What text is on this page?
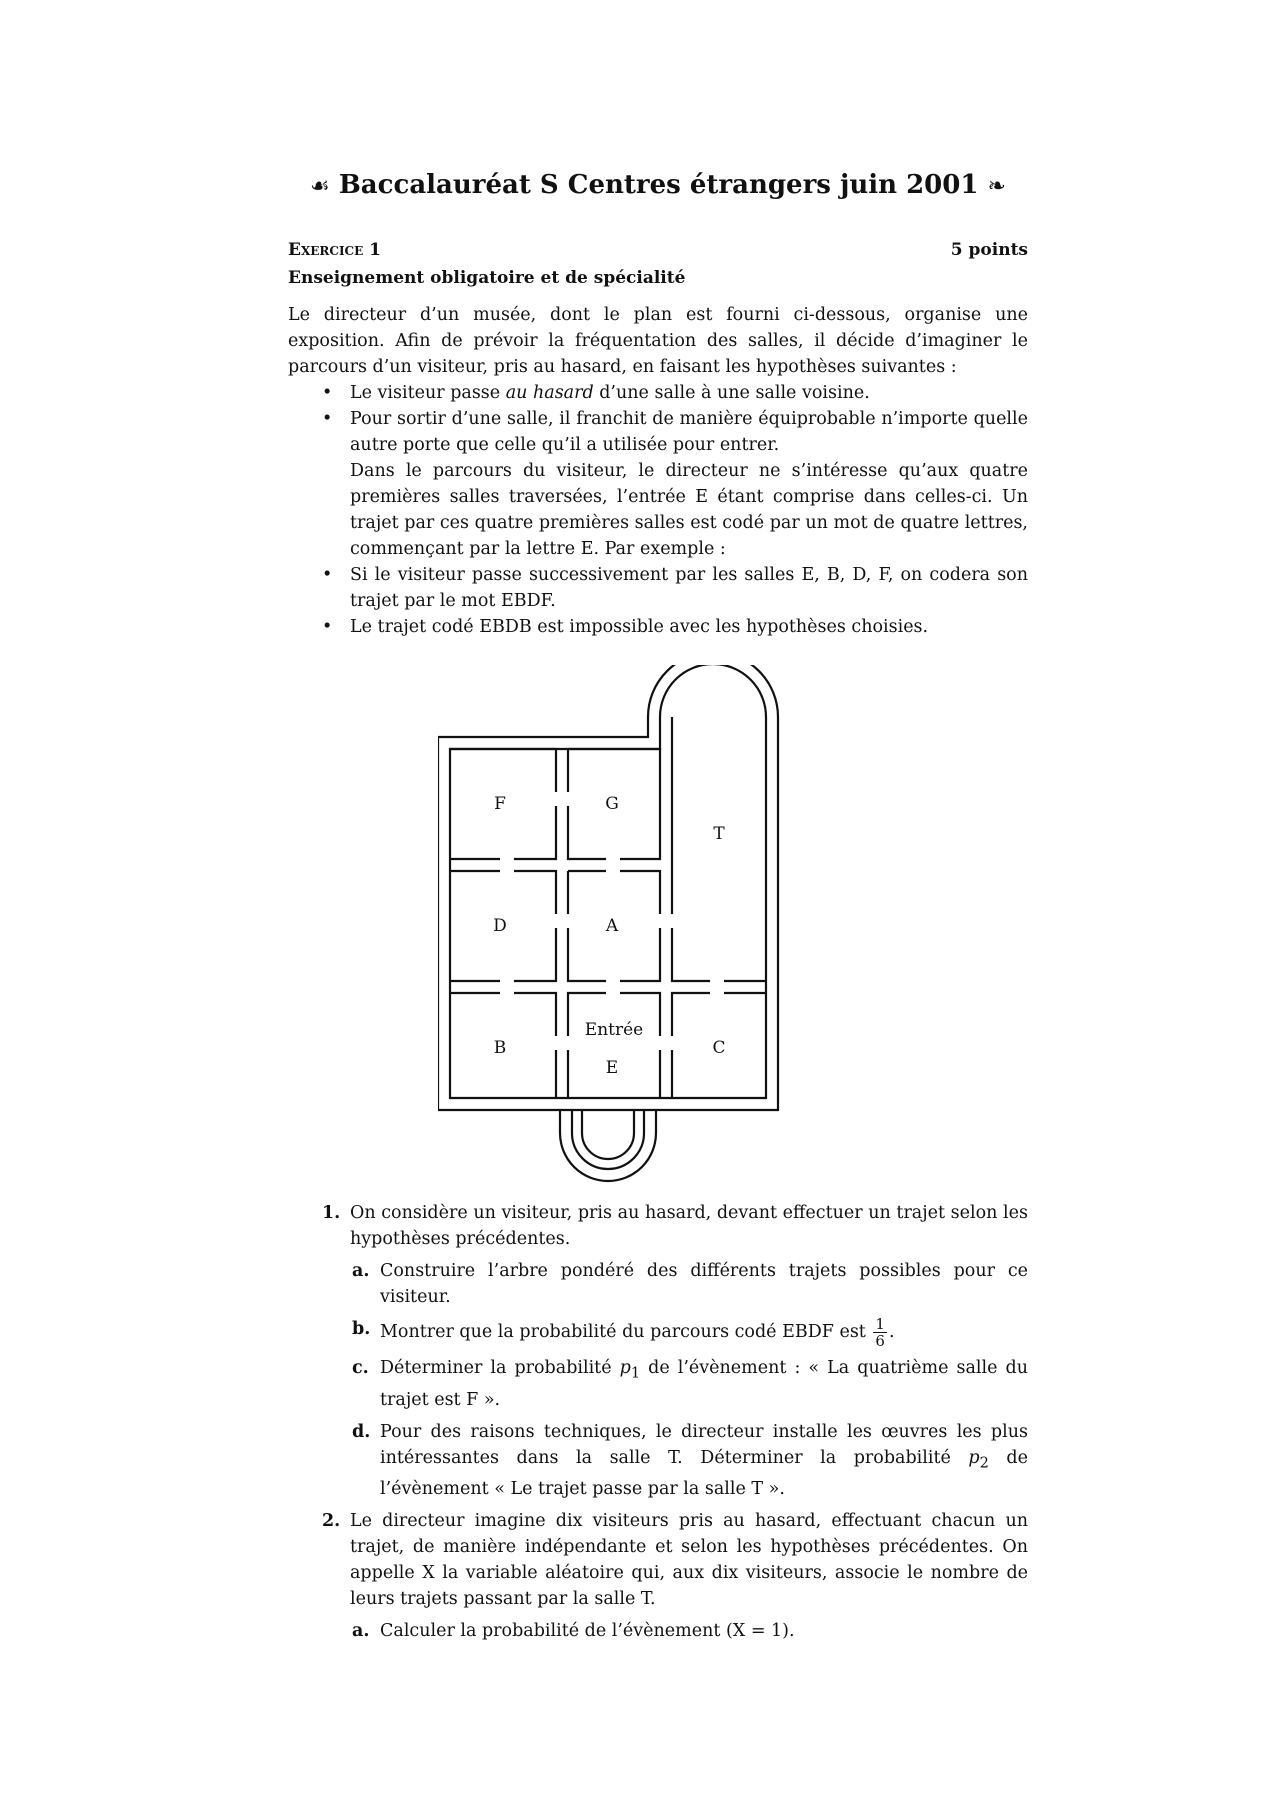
☙ Baccalauréat S Centres étrangers juin 2001 ❧
Exercice 1	5 points
Enseignement obligatoire et de spécialité

Le directeur d’un musée, dont le plan est fourni ci-dessous, organise une exposition. Afin de prévoir la fréquentation des salles, il décide d’imaginer le parcours d’un visiteur, pris au hasard, en faisant les hypothèses suivantes :

• Le visiteur passe au hasard d’une salle à une salle voisine.
• Pour sortir d’une salle, il franchit de manière équiprobable n’importe quelle autre porte que celle qu’il a utilisée pour entrer.

Dans le parcours du visiteur, le directeur ne s’intéresse qu’aux quatre premières salles traversées, l’entrée E étant comprise dans celles-ci. Un trajet par ces quatre premières salles est codé par un mot de quatre lettres, commençant par la lettre E. Par exemple :

• Si le visiteur passe successivement par les salles E, B, D, F, on codera son trajet par le mot EBDF.
• Le trajet codé EBDB est impossible avec les hypothèses choisies.
F	G
T
D	A
B
Entrée
E
C
1. On considère un visiteur, pris au hasard, devant effectuer un trajet selon les hypothèses précédentes.
a. Construire l’arbre pondéré des différents trajets possibles pour ce visiteur.
b. Montrer que la probabilité du parcours codé EBDF est $\frac{1}{6}$ .
c. Déterminer la probabilité $p_1$ de l’évènement : « La quatrième salle du trajet est F ».
d. Pour des raisons techniques, le directeur installe les œuvres les plus intéressantes dans la salle T. Déterminer la probabilité $p_2$ de l’évènement « Le trajet passe par la salle T ».
2. Le directeur imagine dix visiteurs pris au hasard, effectuant chacun un trajet, de manière indépendante et selon les hypothèses précédentes. On appelle X la variable aléatoire qui, aux dix visiteurs, associe le nombre de leurs trajets passant par la salle T.
a. Calculer la probabilité de l’évènement (X = 1).
